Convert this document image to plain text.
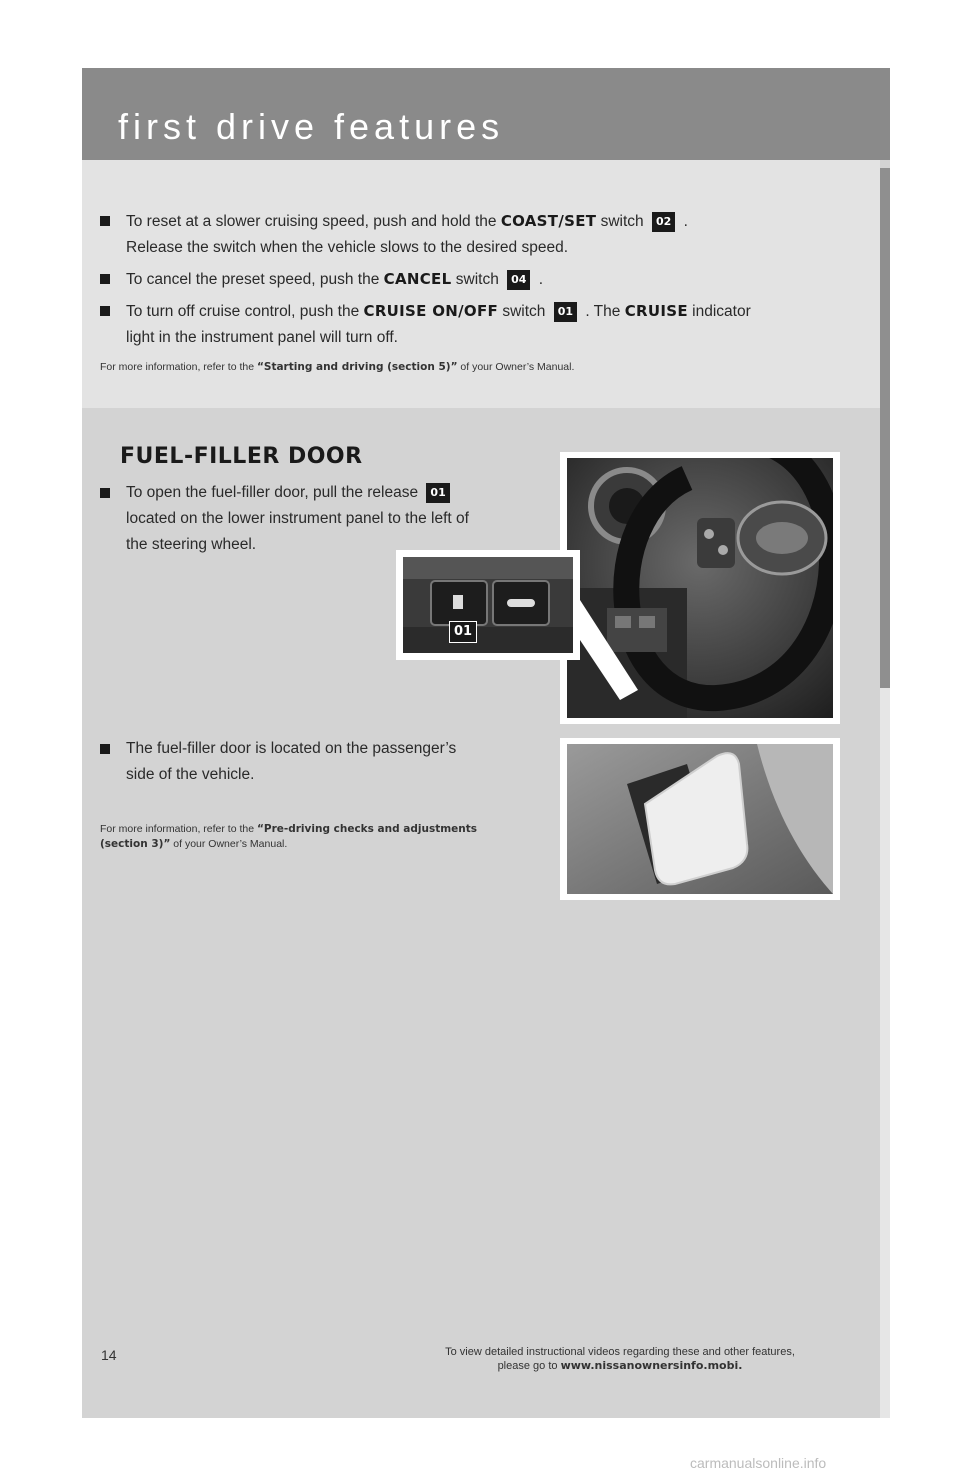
first drive features
To reset at a slower cruising speed, push and hold the COAST/SET switch 02 .
Release the switch when the vehicle slows to the desired speed.
To cancel the preset speed, push the CANCEL switch 04 .
To turn off cruise control, push the CRUISE ON/OFF switch 01 . The CRUISE indicator
light in the instrument panel will turn off.
For more information, refer to the “Starting and driving (section 5)” of your Owner’s Manual.
FUEL-FILLER DOOR
To open the fuel-filler door, pull the release 01
located on the lower instrument panel to the left of
the steering wheel.
The fuel-filler door is located on the passenger’s
side of the vehicle.
For more information, refer to the “Pre-driving checks and adjustments
(section 3)” of your Owner’s Manual.
01
14	To view detailed instructional videos regarding these and other features,
please go to www.nissanownersinfo.mobi.
carmanualsonline.info
